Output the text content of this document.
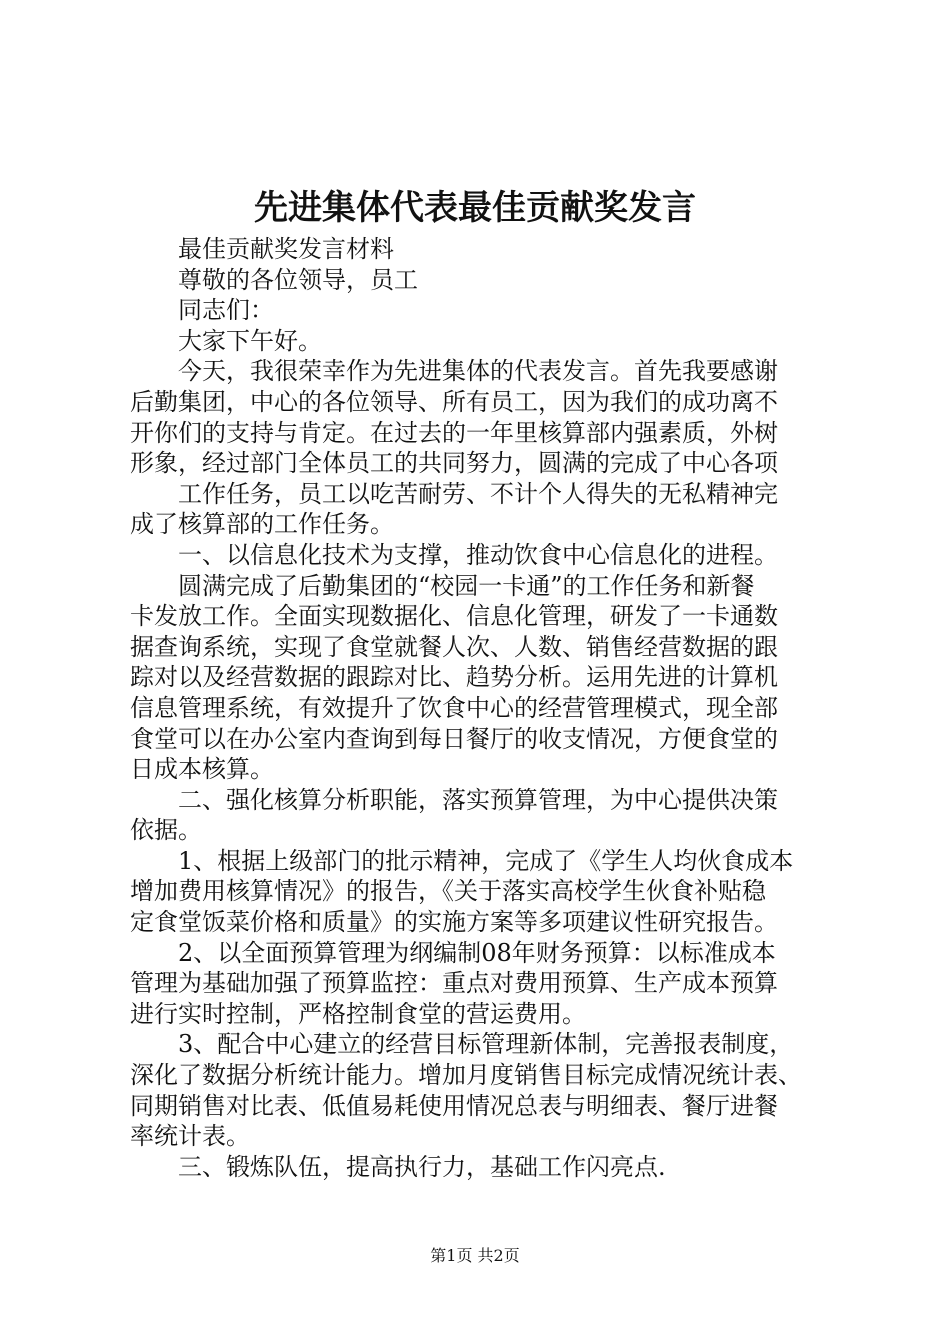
先进集体代表最佳贡献奖发言
最佳贡献奖发言材料
尊敬的各位领导，员工
同志们：
大家下午好。
今天，我很荣幸作为先进集体的代表发言。首先我要感谢
后勤集团，中心的各位领导、所有员工，因为我们的成功离不
开你们的支持与肯定。在过去的一年里核算部内强素质，外树
形象，经过部门全体员工的共同努力，圆满的完成了中心各项
工作任务，员工以吃苦耐劳、不计个人得失的无私精神完
成了核算部的工作任务。
一、以信息化技术为支撑，推动饮食中心信息化的进程。
圆满完成了后勤集团的“校园一卡通”的工作任务和新餐
卡发放工作。全面实现数据化、信息化管理，研发了一卡通数
据查询系统，实现了食堂就餐人次、人数、销售经营数据的跟
踪对以及经营数据的跟踪对比、趋势分析。运用先进的计算机
信息管理系统，有效提升了饮食中心的经营管理模式，现全部
食堂可以在办公室内查询到每日餐厅的收支情况，方便食堂的
日成本核算。
二、强化核算分析职能，落实预算管理，为中心提供决策
依据。
1、根据上级部门的批示精神，完成了《学生人均伙食成本
增加费用核算情况》的报告，《关于落实高校学生伙食补贴稳
定食堂饭菜价格和质量》的实施方案等多项建议性研究报告。
2、以全面预算管理为纲编制08年财务预算：以标准成本
管理为基础加强了预算监控：重点对费用预算、生产成本预算
进行实时控制，严格控制食堂的营运费用。
3、配合中心建立的经营目标管理新体制，完善报表制度，
深化了数据分析统计能力。增加月度销售目标完成情况统计表、
同期销售对比表、低值易耗使用情况总表与明细表、餐厅进餐
率统计表。
三、锻炼队伍，提高执行力，基础工作闪亮点.
第1页 共2页
